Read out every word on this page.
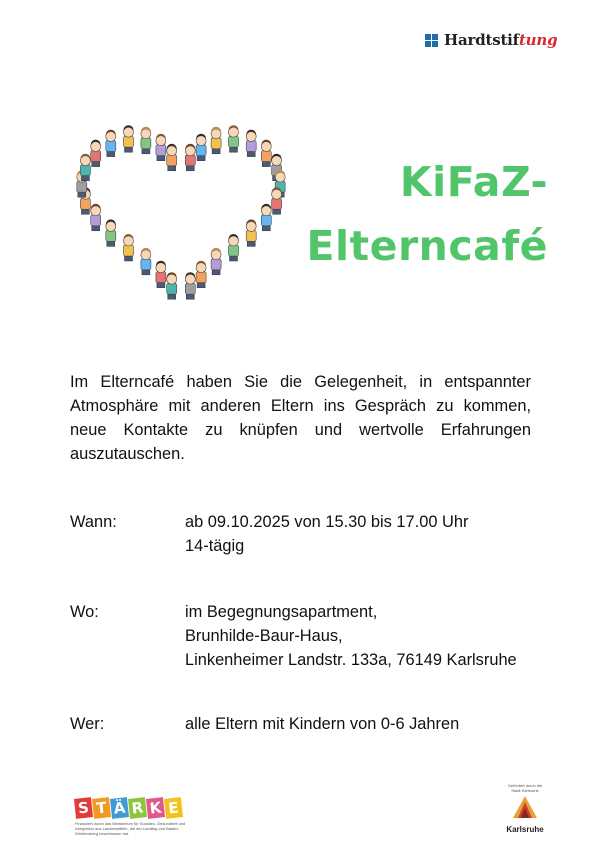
Hardtstiftung
KiFaZ-
Elterncafé

Im Elterncafé haben Sie die Gelegenheit, in entspannter Atmosphäre mit anderen Eltern ins Gespräch zu kommen, neue Kontakte zu knüpfen und wertvolle Erfahrungen auszutauschen.

Wann:	ab 09.10.2025 von 15.30 bis 17.00 Uhr
14-tägig
Wo:	im Begegnungsapartment,
Brunhilde-Baur-Haus,
Linkenheimer Landstr. 133a, 76149 Karlsruhe
Wer:	alle Eltern mit Kindern von 0-6 Jahren
S T Ä R K E
Finanziert durch das Ministerium für Soziales, Gesundheit und Integration aus Landesmitteln, die der Landtag von Baden-Württemberg beschlossen hat.
Gefördert durch die Stadt Karlsruhe
Karlsruhe
